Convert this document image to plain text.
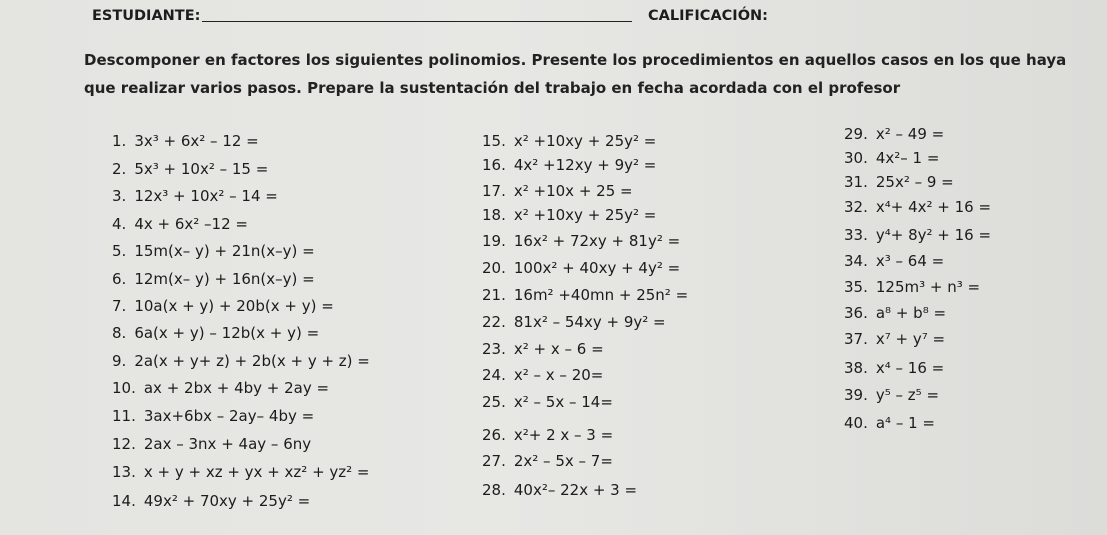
ESTUDIANTE:	CALIFICACIÓN:
Descomponer en factores los siguientes polinomios. Presente los procedimientos en aquellos casos en los que haya que realizar varios pasos. Prepare la sustentación del trabajo en fecha acordada con el profesor
1. 3x³ + 6x² – 12 =
2. 5x³ + 10x² – 15 =
3. 12x³ + 10x² – 14 =
4. 4x + 6x² –12 =
5. 15m(x– y) + 21n(x–y) =
6. 12m(x– y) + 16n(x–y) =
7. 10a(x + y) + 20b(x + y) =
8. 6a(x + y) – 12b(x + y) =
9. 2a(x + y+ z) + 2b(x + y + z) =
10. ax + 2bx + 4by + 2ay =
11. 3ax+6bx – 2ay– 4by =
12. 2ax – 3nx + 4ay – 6ny
13. x + y + xz + yx + xz² + yz² =
14. 49x² + 70xy + 25y² =
15. x² +10xy + 25y² =
16. 4x² +12xy + 9y² =
17. x² +10x + 25 =
18. x² +10xy + 25y² =
19. 16x² + 72xy + 81y² =
20. 100x² + 40xy + 4y² =
21. 16m² +40mn + 25n² =
22. 81x² – 54xy + 9y² =
23. x² + x – 6 =
24. x² – x – 20=
25. x² – 5x – 14=
26. x²+ 2 x – 3 =
27. 2x² – 5x – 7=
28. 40x²– 22x + 3 =
29. x² – 49 =
30. 4x²– 1 =
31. 25x² – 9 =
32. x⁴+ 4x² + 16 =
33. y⁴+ 8y² + 16 =
34. x³ – 64 =
35. 125m³ + n³ =
36. a⁸ + b⁸ =
37. x⁷ + y⁷ =
38. x⁴ – 16 =
39. y⁵ – z⁵ =
40. a⁴ – 1 =
